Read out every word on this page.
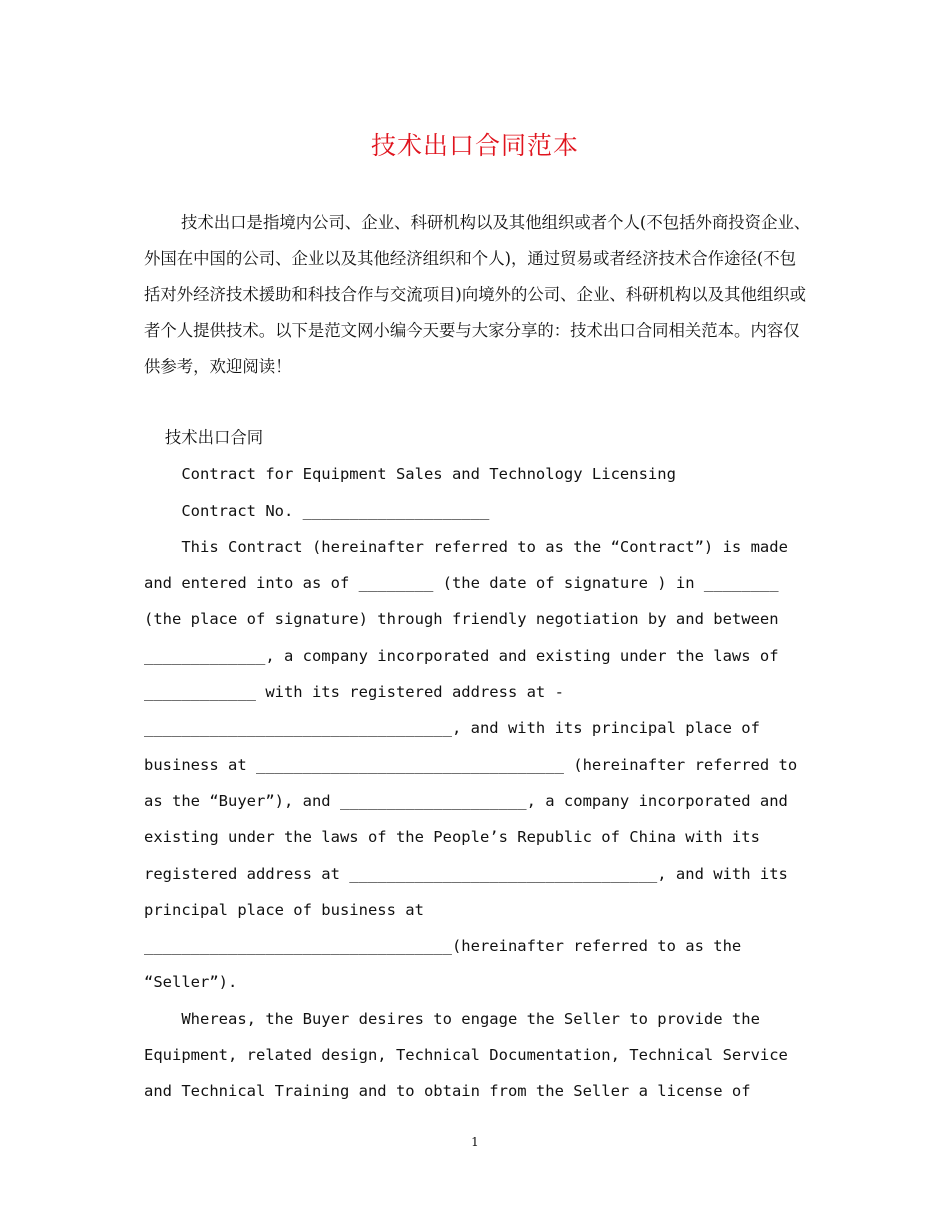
技术出口合同范本

技术出口是指境内公司、企业、科研机构以及其他组织或者个人(不包括外商投资企业、外国在中国的公司、企业以及其他经济组织和个人)，通过贸易或者经济技术合作途径(不包括对外经济技术援助和科技合作与交流项目)向境外的公司、企业、科研机构以及其他组织或者个人提供技术。以下是范文网小编今天要与大家分享的：技术出口合同相关范本。内容仅供参考，欢迎阅读！

技术出口合同

Contract for Equipment Sales and Technology Licensing

Contract No. ____________________

This Contract (hereinafter referred to as the “Contract”) is made

and entered into as of ________ (the date of signature ) in ________

(the place of signature) through friendly negotiation by and between

_____________, a company incorporated and existing under the laws of

____________ with its registered address at -

_________________________________, and with its principal place of

business at _________________________________ (hereinafter referred to

as the “Buyer”), and ____________________, a company incorporated and

existing under the laws of the People’s Republic of China with its

registered address at _________________________________, and with its

principal place of business at

_________________________________(hereinafter referred to as the

“Seller”).

Whereas, the Buyer desires to engage the Seller to provide the

Equipment, related design, Technical Documentation, Technical Service

and Technical Training and to obtain from the Seller a license of

1
